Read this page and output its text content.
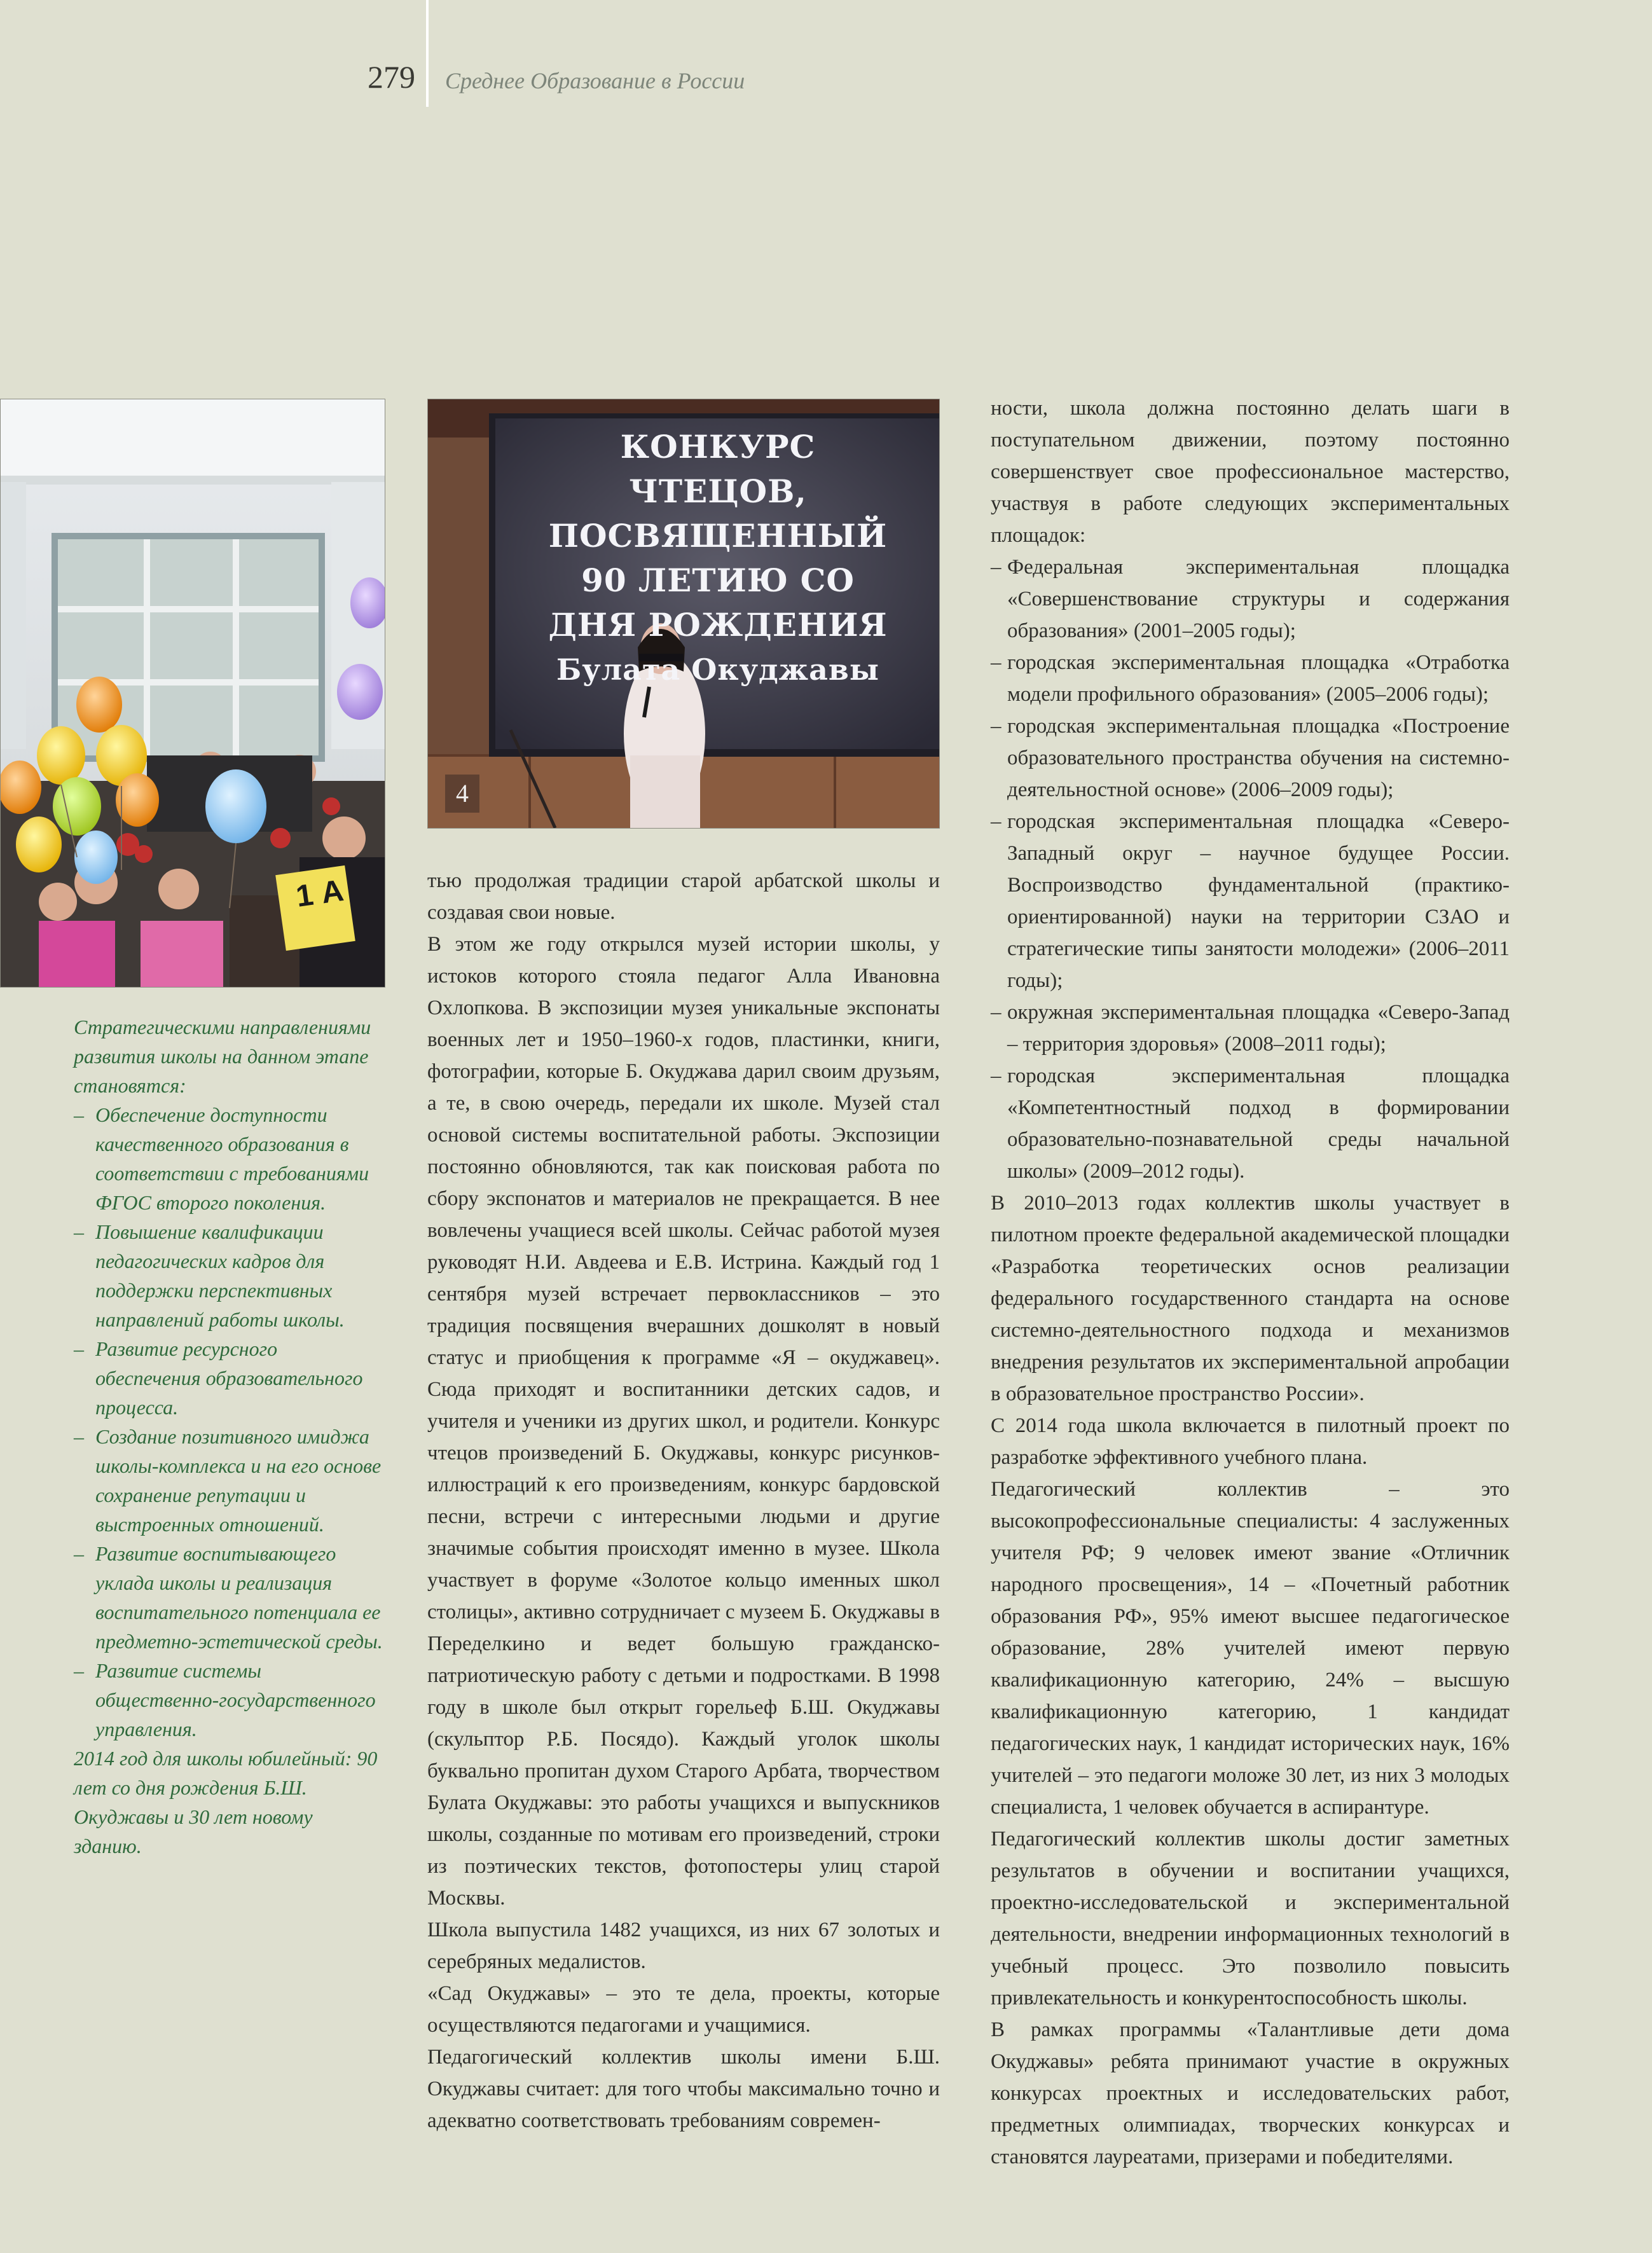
279 Среднее Образование в России
1 А
КОНКУРС
ЧТЕЦОВ,
ПОСВЯЩЕННЫЙ
90 ЛЕТИЮ СО
ДНЯ РОЖДЕНИЯ
Булата Окуджавы
4

Стратегическими направлениями развития школы на данном этапе становятся:

– Обеспечение доступности качественного образования в соответствии с требованиями ФГОС второго поколения.
– Повышение квалификации педагогических кадров для поддержки перспективных направлений работы школы.
– Развитие ресурсного обеспечения образовательного процесса.
– Создание позитивного имиджа школы-комплекса и на его основе сохранение репутации и выстроенных отношений.
– Развитие воспитывающего уклада школы и реализация воспитательного потенциала ее предметно-эстетической среды.
– Развитие системы общественно-государственного управления.

2014 год для школы юбилейный: 90 лет со дня рождения Б.Ш. Окуджавы и 30 лет новому зданию.

тью продолжая традиции старой арбатской школы и создавая свои новые.

В этом же году открылся музей истории школы, у истоков которого стояла педагог Алла Ивановна Охлопкова. В экспозиции музея уникальные экспонаты военных лет и 1950–1960-х годов, пластинки, книги, фотографии, которые Б. Окуджава дарил своим друзьям, а те, в свою очередь, передали их школе. Музей стал основой системы воспитательной работы. Экспозиции постоянно обновляются, так как поисковая работа по сбору экспонатов и материалов не прекращается. В нее вовлечены учащиеся всей школы. Сейчас работой музея руководят Н.И. Авдеева и Е.В. Истрина. Каждый год 1 сентября музей встречает первоклассников – это традиция посвящения вчерашних дошколят в новый статус и приобщения к программе «Я – окуджавец». Сюда приходят и воспитанники детских садов, и учителя и ученики из других школ, и родители. Конкурс чтецов произведений Б. Окуджавы, конкурс рисунков-иллюстраций к его произведениям, конкурс бардовской песни, встречи с интересными людьми и другие значимые события происходят именно в музее. Школа участвует в форуме «Золотое кольцо именных школ столицы», активно сотрудничает с музеем Б. Окуджавы в Переделкино и ведет большую гражданско-патриотическую работу с детьми и подростками. В 1998 году в школе был открыт горельеф Б.Ш. Окуджавы (скульптор Р.Б. Посядо). Каждый уголок школы буквально пропитан духом Старого Арбата, творчеством Булата Окуджавы: это работы учащихся и выпускников школы, созданные по мотивам его произведений, строки из поэтических текстов, фотопостеры улиц старой Москвы.

Школа выпустила 1482 учащихся, из них 67 золотых и серебряных медалистов.

«Сад Окуджавы» – это те дела, проекты, которые осуществляются педагогами и учащимися.

Педагогический коллектив школы имени Б.Ш. Окуджавы считает: для того чтобы максимально точно и адекватно соответствовать требованиям современ-

ности, школа должна постоянно делать шаги в поступательном движении, поэтому постоянно совершенствует свое профессиональное мастерство, участвуя в работе следующих экспериментальных площадок:

– Федеральная экспериментальная площадка «Совершенствование структуры и содержания образования» (2001–2005 годы);
– городская экспериментальная площадка «Отработка модели профильного образования» (2005–2006 годы);
– городская экспериментальная площадка «Построение образовательного пространства обучения на системно-деятельностной основе» (2006–2009 годы);
– городская экспериментальная площадка «Северо-Западный округ – научное будущее России. Воспроизводство фундаментальной (практико-ориентированной) науки на территории СЗАО и стратегические типы занятости молодежи» (2006–2011 годы);
– окружная экспериментальная площадка «Северо-Запад – территория здоровья» (2008–2011 годы);
– городская экспериментальная площадка «Компетентностный подход в формировании образовательно-познавательной среды начальной школы» (2009–2012 годы).

В 2010–2013 годах коллектив школы участвует в пилотном проекте федеральной академической площадки «Разработка теоретических основ реализации федерального государственного стандарта на основе системно-деятельностного подхода и механизмов внедрения результатов их экспериментальной апробации в образовательное пространство России».

С 2014 года школа включается в пилотный проект по разработке эффективного учебного плана.

Педагогический коллектив – это высокопрофессиональные специалисты: 4 заслуженных учителя РФ; 9 человек имеют звание «Отличник народного просвещения», 14 – «Почетный работник образования РФ», 95% имеют высшее педагогическое образование, 28% учителей имеют первую квалификационную категорию, 24% – высшую квалификационную категорию, 1 кандидат педагогических наук, 1 кандидат исторических наук, 16% учителей – это педагоги моложе 30 лет, из них 3 молодых специалиста, 1 человек обучается в аспирантуре.

Педагогический коллектив школы достиг заметных результатов в обучении и воспитании учащихся, проектно-исследовательской и экспериментальной деятельности, внедрении информационных технологий в учебный процесс. Это позволило повысить привлекательность и конкурентоспособность школы.

В рамках программы «Талантливые дети дома Окуджавы» ребята принимают участие в окружных конкурсах проектных и исследовательских работ, предметных олимпиадах, творческих конкурсах и становятся лауреатами, призерами и победителями.
